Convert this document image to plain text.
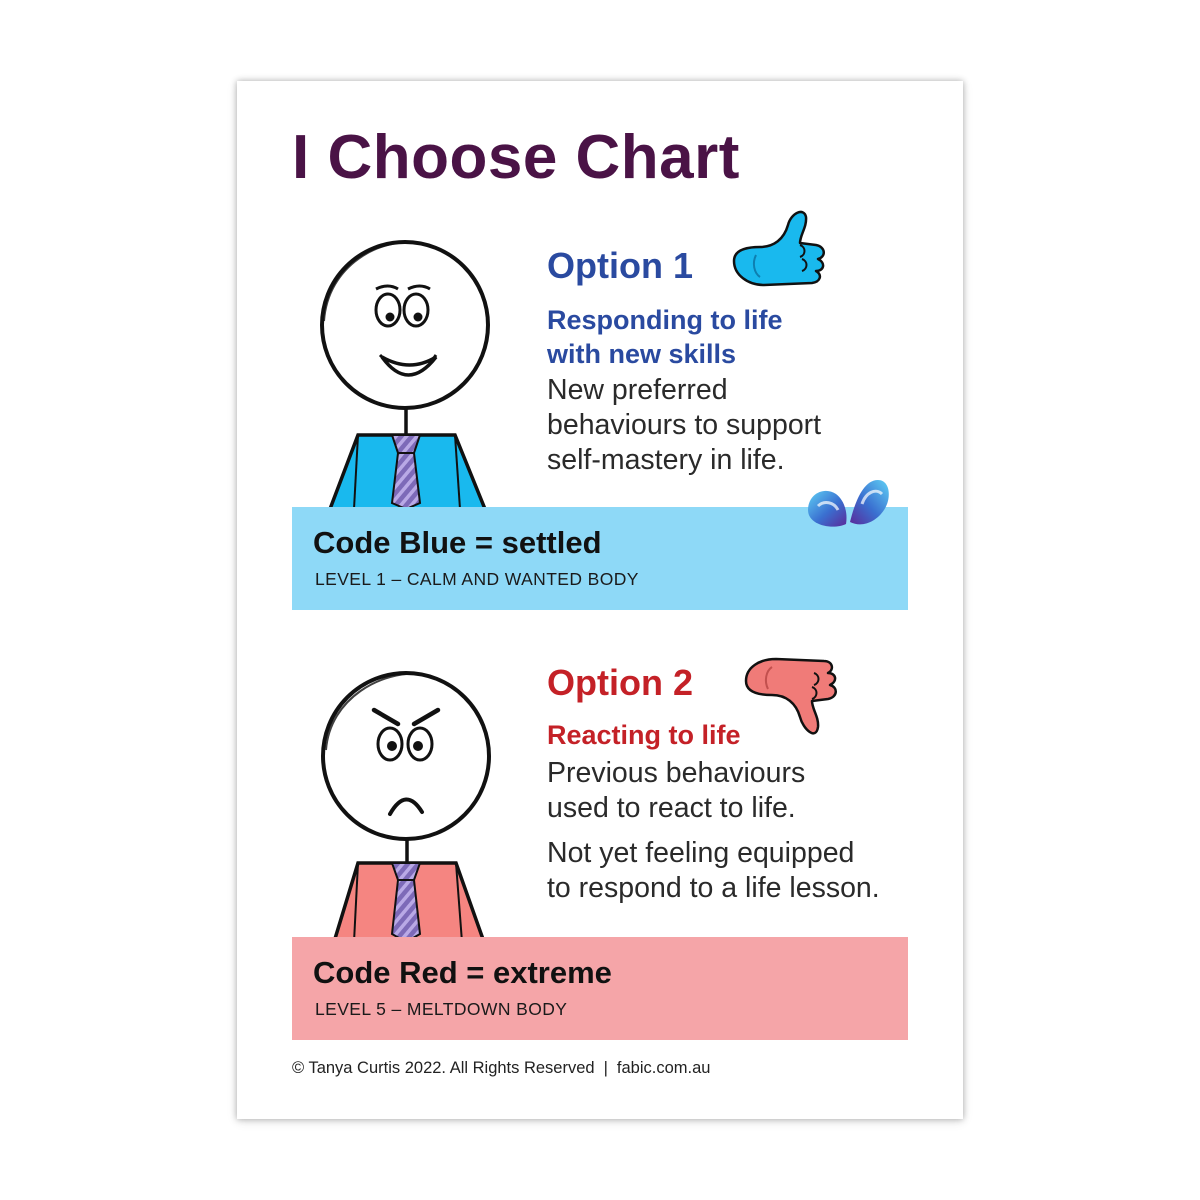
I Choose Chart
Option 1
Responding to life
with new skills
New preferred
behaviours to support
self-mastery in life.
Code Blue = settled
LEVEL 1 – CALM AND WANTED BODY
Option 2
Reacting to life
Previous behaviours
used to react to life.
Not yet feeling equipped
to respond to a life lesson.
Code Red = extreme
LEVEL 5 – MELTDOWN BODY
© Tanya Curtis 2022. All Rights Reserved | fabic.com.au
